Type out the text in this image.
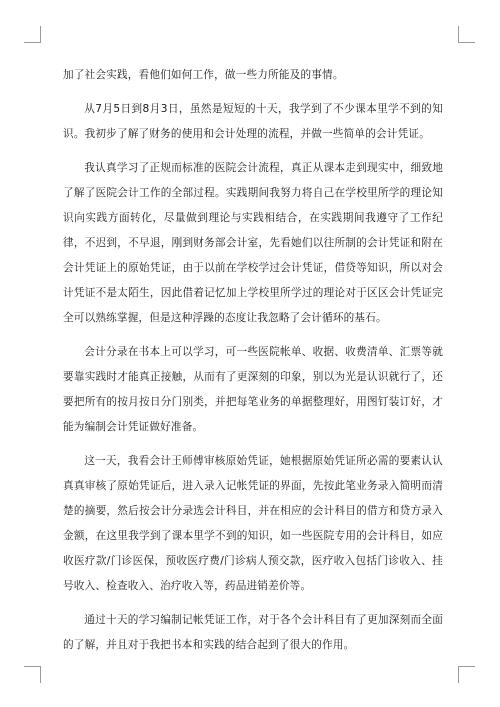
加了社会实践，看他们如何工作，做一些力所能及的事情。

从7月5日到8月3日，虽然是短短的十天，我学到了不少课本里学不到的知识。我初步了解了财务的使用和会计处理的流程，并做一些简单的会计凭证。

我认真学习了正规而标准的医院会计流程，真正从课本走到现实中，细致地了解了医院会计工作的全部过程。实践期间我努力将自己在学校里所学的理论知识向实践方面转化，尽量做到理论与实践相结合，在实践期间我遵守了工作纪律，不迟到，不早退，刚到财务部会计室，先看她们以往所制的会计凭证和附在会计凭证上的原始凭证，由于以前在学校学过会计凭证，借贷等知识，所以对会计凭证不是太陌生，因此借着记忆加上学校里所学过的理论对于区区会计凭证完全可以熟练掌握，但是这种浮躁的态度让我忽略了会计循环的基石。

会计分录在书本上可以学习，可一些医院帐单、收据、收费清单、汇票等就要靠实践时才能真正接触，从而有了更深刻的印象，别以为光是认识就行了，还要把所有的按月按日分门别类，并把每笔业务的单据整理好，用图钉装订好，才能为编制会计凭证做好准备。

这一天，我看会计王师傅审核原始凭证，她根据原始凭证所必需的要素认认真真审核了原始凭证后，进入录入记帐凭证的界面，先按此笔业务录入简明而清楚的摘要，然后按会计分录选会计科目，并在相应的会计科目的借方和贷方录入金额，在这里我学到了课本里学不到的知识，如一些医院专用的会计科目，如应收医疗款/门诊医保，预收医疗费/门诊病人预交款，医疗收入包括门诊收入、挂号收入、检查收入、治疗收入等，药品进销差价等。

通过十天的学习编制记帐凭证工作，对于各个会计科目有了更加深刻而全面的了解，并且对于我把书本和实践的结合起到了很大的作用。
